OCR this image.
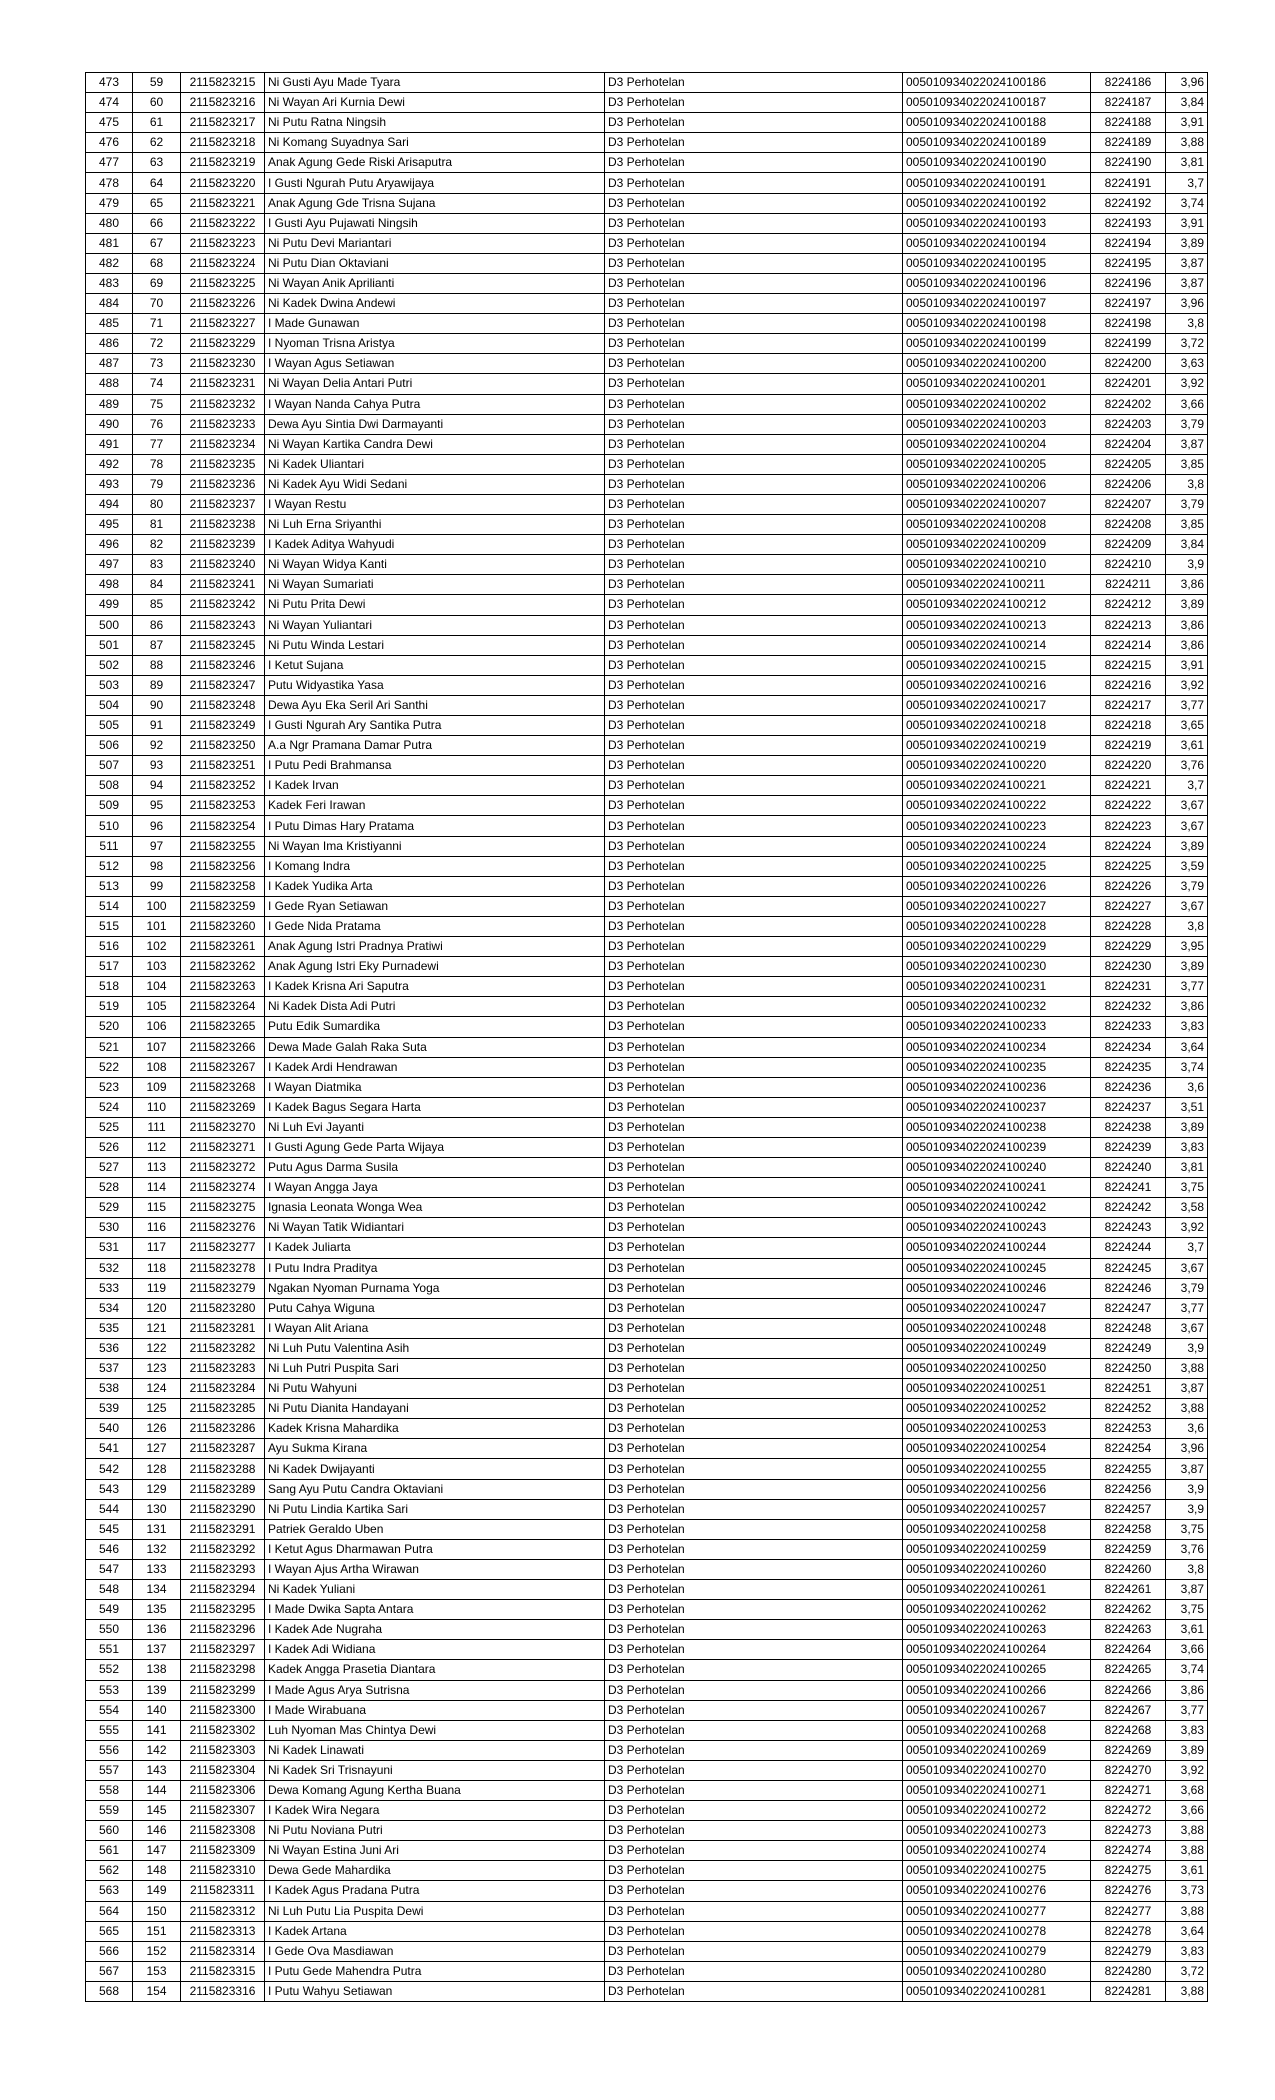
473	59	2115823215	Ni Gusti Ayu Made Tyara	D3 Perhotelan	005010934022024100186	8224186	3,96
474	60	2115823216	Ni Wayan Ari Kurnia Dewi	D3 Perhotelan	005010934022024100187	8224187	3,84
475	61	2115823217	Ni Putu Ratna Ningsih	D3 Perhotelan	005010934022024100188	8224188	3,91
476	62	2115823218	Ni Komang Suyadnya Sari	D3 Perhotelan	005010934022024100189	8224189	3,88
477	63	2115823219	Anak Agung Gede Riski Arisaputra	D3 Perhotelan	005010934022024100190	8224190	3,81
478	64	2115823220	I Gusti Ngurah Putu Aryawijaya	D3 Perhotelan	005010934022024100191	8224191	3,7
479	65	2115823221	Anak Agung Gde Trisna Sujana	D3 Perhotelan	005010934022024100192	8224192	3,74
480	66	2115823222	I Gusti Ayu Pujawati Ningsih	D3 Perhotelan	005010934022024100193	8224193	3,91
481	67	2115823223	Ni Putu Devi Mariantari	D3 Perhotelan	005010934022024100194	8224194	3,89
482	68	2115823224	Ni Putu Dian Oktaviani	D3 Perhotelan	005010934022024100195	8224195	3,87
483	69	2115823225	Ni Wayan Anik Aprilianti	D3 Perhotelan	005010934022024100196	8224196	3,87
484	70	2115823226	Ni Kadek Dwina Andewi	D3 Perhotelan	005010934022024100197	8224197	3,96
485	71	2115823227	I Made Gunawan	D3 Perhotelan	005010934022024100198	8224198	3,8
486	72	2115823229	I Nyoman Trisna Aristya	D3 Perhotelan	005010934022024100199	8224199	3,72
487	73	2115823230	I Wayan Agus Setiawan	D3 Perhotelan	005010934022024100200	8224200	3,63
488	74	2115823231	Ni Wayan Delia Antari Putri	D3 Perhotelan	005010934022024100201	8224201	3,92
489	75	2115823232	I Wayan Nanda Cahya Putra	D3 Perhotelan	005010934022024100202	8224202	3,66
490	76	2115823233	Dewa Ayu Sintia Dwi Darmayanti	D3 Perhotelan	005010934022024100203	8224203	3,79
491	77	2115823234	Ni Wayan Kartika Candra Dewi	D3 Perhotelan	005010934022024100204	8224204	3,87
492	78	2115823235	Ni Kadek Uliantari	D3 Perhotelan	005010934022024100205	8224205	3,85
493	79	2115823236	Ni Kadek Ayu Widi Sedani	D3 Perhotelan	005010934022024100206	8224206	3,8
494	80	2115823237	I Wayan Restu	D3 Perhotelan	005010934022024100207	8224207	3,79
495	81	2115823238	Ni Luh Erna Sriyanthi	D3 Perhotelan	005010934022024100208	8224208	3,85
496	82	2115823239	I Kadek Aditya Wahyudi	D3 Perhotelan	005010934022024100209	8224209	3,84
497	83	2115823240	Ni Wayan Widya Kanti	D3 Perhotelan	005010934022024100210	8224210	3,9
498	84	2115823241	Ni Wayan Sumariati	D3 Perhotelan	005010934022024100211	8224211	3,86
499	85	2115823242	Ni Putu Prita Dewi	D3 Perhotelan	005010934022024100212	8224212	3,89
500	86	2115823243	Ni Wayan Yuliantari	D3 Perhotelan	005010934022024100213	8224213	3,86
501	87	2115823245	Ni Putu Winda Lestari	D3 Perhotelan	005010934022024100214	8224214	3,86
502	88	2115823246	I Ketut Sujana	D3 Perhotelan	005010934022024100215	8224215	3,91
503	89	2115823247	Putu Widyastika Yasa	D3 Perhotelan	005010934022024100216	8224216	3,92
504	90	2115823248	Dewa Ayu Eka Seril Ari Santhi	D3 Perhotelan	005010934022024100217	8224217	3,77
505	91	2115823249	I Gusti Ngurah Ary Santika Putra	D3 Perhotelan	005010934022024100218	8224218	3,65
506	92	2115823250	A.a Ngr Pramana Damar Putra	D3 Perhotelan	005010934022024100219	8224219	3,61
507	93	2115823251	I Putu Pedi Brahmansa	D3 Perhotelan	005010934022024100220	8224220	3,76
508	94	2115823252	I Kadek Irvan	D3 Perhotelan	005010934022024100221	8224221	3,7
509	95	2115823253	Kadek Feri Irawan	D3 Perhotelan	005010934022024100222	8224222	3,67
510	96	2115823254	I Putu Dimas Hary Pratama	D3 Perhotelan	005010934022024100223	8224223	3,67
511	97	2115823255	Ni Wayan Ima Kristiyanni	D3 Perhotelan	005010934022024100224	8224224	3,89
512	98	2115823256	I Komang Indra	D3 Perhotelan	005010934022024100225	8224225	3,59
513	99	2115823258	I Kadek Yudika Arta	D3 Perhotelan	005010934022024100226	8224226	3,79
514	100	2115823259	I Gede Ryan Setiawan	D3 Perhotelan	005010934022024100227	8224227	3,67
515	101	2115823260	I Gede Nida Pratama	D3 Perhotelan	005010934022024100228	8224228	3,8
516	102	2115823261	Anak Agung Istri Pradnya Pratiwi	D3 Perhotelan	005010934022024100229	8224229	3,95
517	103	2115823262	Anak Agung Istri Eky Purnadewi	D3 Perhotelan	005010934022024100230	8224230	3,89
518	104	2115823263	I Kadek Krisna Ari Saputra	D3 Perhotelan	005010934022024100231	8224231	3,77
519	105	2115823264	Ni Kadek Dista Adi Putri	D3 Perhotelan	005010934022024100232	8224232	3,86
520	106	2115823265	Putu Edik Sumardika	D3 Perhotelan	005010934022024100233	8224233	3,83
521	107	2115823266	Dewa Made Galah Raka Suta	D3 Perhotelan	005010934022024100234	8224234	3,64
522	108	2115823267	I Kadek Ardi Hendrawan	D3 Perhotelan	005010934022024100235	8224235	3,74
523	109	2115823268	I Wayan Diatmika	D3 Perhotelan	005010934022024100236	8224236	3,6
524	110	2115823269	I Kadek Bagus Segara Harta	D3 Perhotelan	005010934022024100237	8224237	3,51
525	111	2115823270	Ni Luh Evi Jayanti	D3 Perhotelan	005010934022024100238	8224238	3,89
526	112	2115823271	I Gusti Agung Gede Parta Wijaya	D3 Perhotelan	005010934022024100239	8224239	3,83
527	113	2115823272	Putu Agus Darma Susila	D3 Perhotelan	005010934022024100240	8224240	3,81
528	114	2115823274	I Wayan Angga Jaya	D3 Perhotelan	005010934022024100241	8224241	3,75
529	115	2115823275	Ignasia Leonata Wonga Wea	D3 Perhotelan	005010934022024100242	8224242	3,58
530	116	2115823276	Ni Wayan Tatik Widiantari	D3 Perhotelan	005010934022024100243	8224243	3,92
531	117	2115823277	I Kadek Juliarta	D3 Perhotelan	005010934022024100244	8224244	3,7
532	118	2115823278	I Putu Indra Praditya	D3 Perhotelan	005010934022024100245	8224245	3,67
533	119	2115823279	Ngakan Nyoman Purnama Yoga	D3 Perhotelan	005010934022024100246	8224246	3,79
534	120	2115823280	Putu Cahya Wiguna	D3 Perhotelan	005010934022024100247	8224247	3,77
535	121	2115823281	I Wayan Alit Ariana	D3 Perhotelan	005010934022024100248	8224248	3,67
536	122	2115823282	Ni Luh Putu Valentina Asih	D3 Perhotelan	005010934022024100249	8224249	3,9
537	123	2115823283	Ni Luh Putri Puspita Sari	D3 Perhotelan	005010934022024100250	8224250	3,88
538	124	2115823284	Ni Putu Wahyuni	D3 Perhotelan	005010934022024100251	8224251	3,87
539	125	2115823285	Ni Putu Dianita Handayani	D3 Perhotelan	005010934022024100252	8224252	3,88
540	126	2115823286	Kadek Krisna Mahardika	D3 Perhotelan	005010934022024100253	8224253	3,6
541	127	2115823287	Ayu Sukma Kirana	D3 Perhotelan	005010934022024100254	8224254	3,96
542	128	2115823288	Ni Kadek Dwijayanti	D3 Perhotelan	005010934022024100255	8224255	3,87
543	129	2115823289	Sang Ayu Putu Candra Oktaviani	D3 Perhotelan	005010934022024100256	8224256	3,9
544	130	2115823290	Ni Putu Lindia Kartika Sari	D3 Perhotelan	005010934022024100257	8224257	3,9
545	131	2115823291	Patriek Geraldo Uben	D3 Perhotelan	005010934022024100258	8224258	3,75
546	132	2115823292	I Ketut Agus Dharmawan Putra	D3 Perhotelan	005010934022024100259	8224259	3,76
547	133	2115823293	I Wayan Ajus Artha Wirawan	D3 Perhotelan	005010934022024100260	8224260	3,8
548	134	2115823294	Ni Kadek Yuliani	D3 Perhotelan	005010934022024100261	8224261	3,87
549	135	2115823295	I Made Dwika Sapta Antara	D3 Perhotelan	005010934022024100262	8224262	3,75
550	136	2115823296	I Kadek Ade Nugraha	D3 Perhotelan	005010934022024100263	8224263	3,61
551	137	2115823297	I Kadek Adi Widiana	D3 Perhotelan	005010934022024100264	8224264	3,66
552	138	2115823298	Kadek Angga Prasetia Diantara	D3 Perhotelan	005010934022024100265	8224265	3,74
553	139	2115823299	I Made Agus Arya Sutrisna	D3 Perhotelan	005010934022024100266	8224266	3,86
554	140	2115823300	I Made Wirabuana	D3 Perhotelan	005010934022024100267	8224267	3,77
555	141	2115823302	Luh Nyoman Mas Chintya Dewi	D3 Perhotelan	005010934022024100268	8224268	3,83
556	142	2115823303	Ni Kadek Linawati	D3 Perhotelan	005010934022024100269	8224269	3,89
557	143	2115823304	Ni Kadek Sri Trisnayuni	D3 Perhotelan	005010934022024100270	8224270	3,92
558	144	2115823306	Dewa Komang Agung Kertha Buana	D3 Perhotelan	005010934022024100271	8224271	3,68
559	145	2115823307	I Kadek Wira Negara	D3 Perhotelan	005010934022024100272	8224272	3,66
560	146	2115823308	Ni Putu Noviana Putri	D3 Perhotelan	005010934022024100273	8224273	3,88
561	147	2115823309	Ni Wayan Estina Juni Ari	D3 Perhotelan	005010934022024100274	8224274	3,88
562	148	2115823310	Dewa Gede Mahardika	D3 Perhotelan	005010934022024100275	8224275	3,61
563	149	2115823311	I Kadek Agus Pradana Putra	D3 Perhotelan	005010934022024100276	8224276	3,73
564	150	2115823312	Ni Luh Putu Lia Puspita Dewi	D3 Perhotelan	005010934022024100277	8224277	3,88
565	151	2115823313	I Kadek Artana	D3 Perhotelan	005010934022024100278	8224278	3,64
566	152	2115823314	I Gede Ova Masdiawan	D3 Perhotelan	005010934022024100279	8224279	3,83
567	153	2115823315	I Putu Gede Mahendra Putra	D3 Perhotelan	005010934022024100280	8224280	3,72
568	154	2115823316	I Putu Wahyu Setiawan	D3 Perhotelan	005010934022024100281	8224281	3,88
